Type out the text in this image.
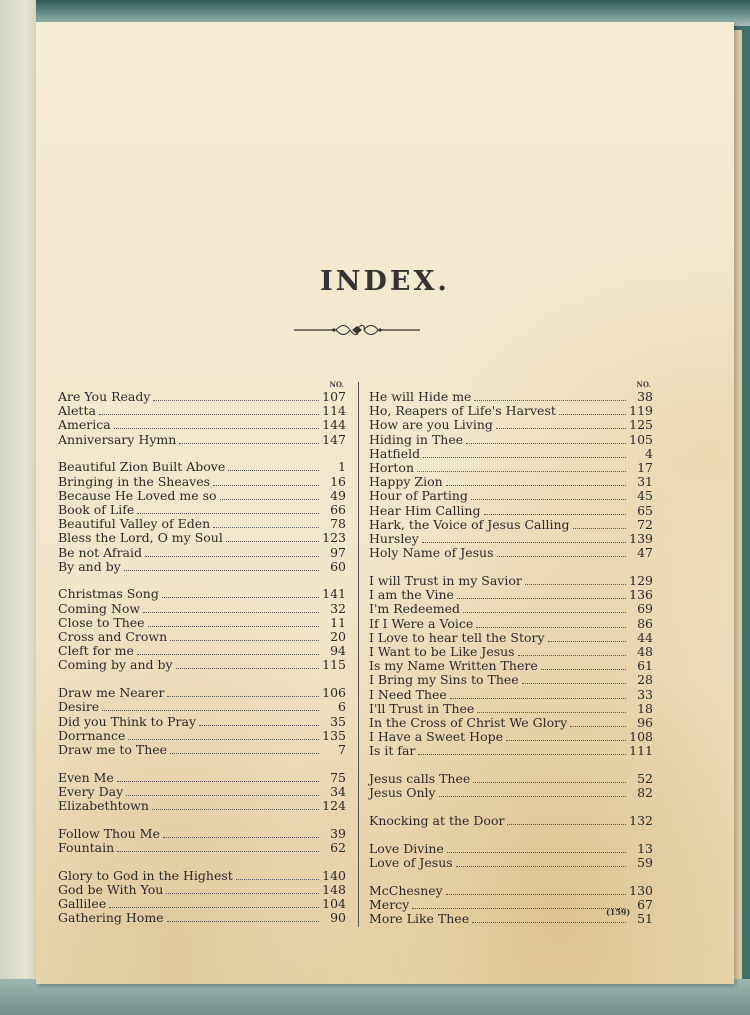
INDEX.
NO.
Are You Ready	107
Aletta	114
America	144
Anniversary Hymn	147
Beautiful Zion Built Above	1
Bringing in the Sheaves	16
Because He Loved me so	49
Book of Life	66
Beautiful Valley of Eden	78
Bless the Lord, O my Soul	123
Be not Afraid	97
By and by	60
Christmas Song	141
Coming Now	32
Close to Thee	11
Cross and Crown	20
Cleft for me	94
Coming by and by	115
Draw me Nearer	106
Desire	6
Did you Think to Pray	35
Dorrnance	135
Draw me to Thee	7
Even Me	75
Every Day	34
Elizabethtown	124
Follow Thou Me	39
Fountain	62
Glory to God in the Highest	140
God be With You	148
Gallilee	104
Gathering Home	90
NO.
He will Hide me	38
Ho, Reapers of Life's Harvest	119
How are you Living	125
Hiding in Thee	105
Hatfield	4
Horton	17
Happy Zion	31
Hour of Parting	45
Hear Him Calling	65
Hark, the Voice of Jesus Calling	72
Hursley	139
Holy Name of Jesus	47
I will Trust in my Savior	129
I am the Vine	136
I'm Redeemed	69
If I Were a Voice	86
I Love to hear tell the Story	44
I Want to be Like Jesus	48
Is my Name Written There	61
I Bring my Sins to Thee	28
I Need Thee	33
I'll Trust in Thee	18
In the Cross of Christ We Glory	96
I Have a Sweet Hope	108
Is it far	111
Jesus calls Thee	52
Jesus Only	82
Knocking at the Door	132
Love Divine	13
Love of Jesus	59
McChesney	130
Mercy	67
More Like Thee	51
(159)
